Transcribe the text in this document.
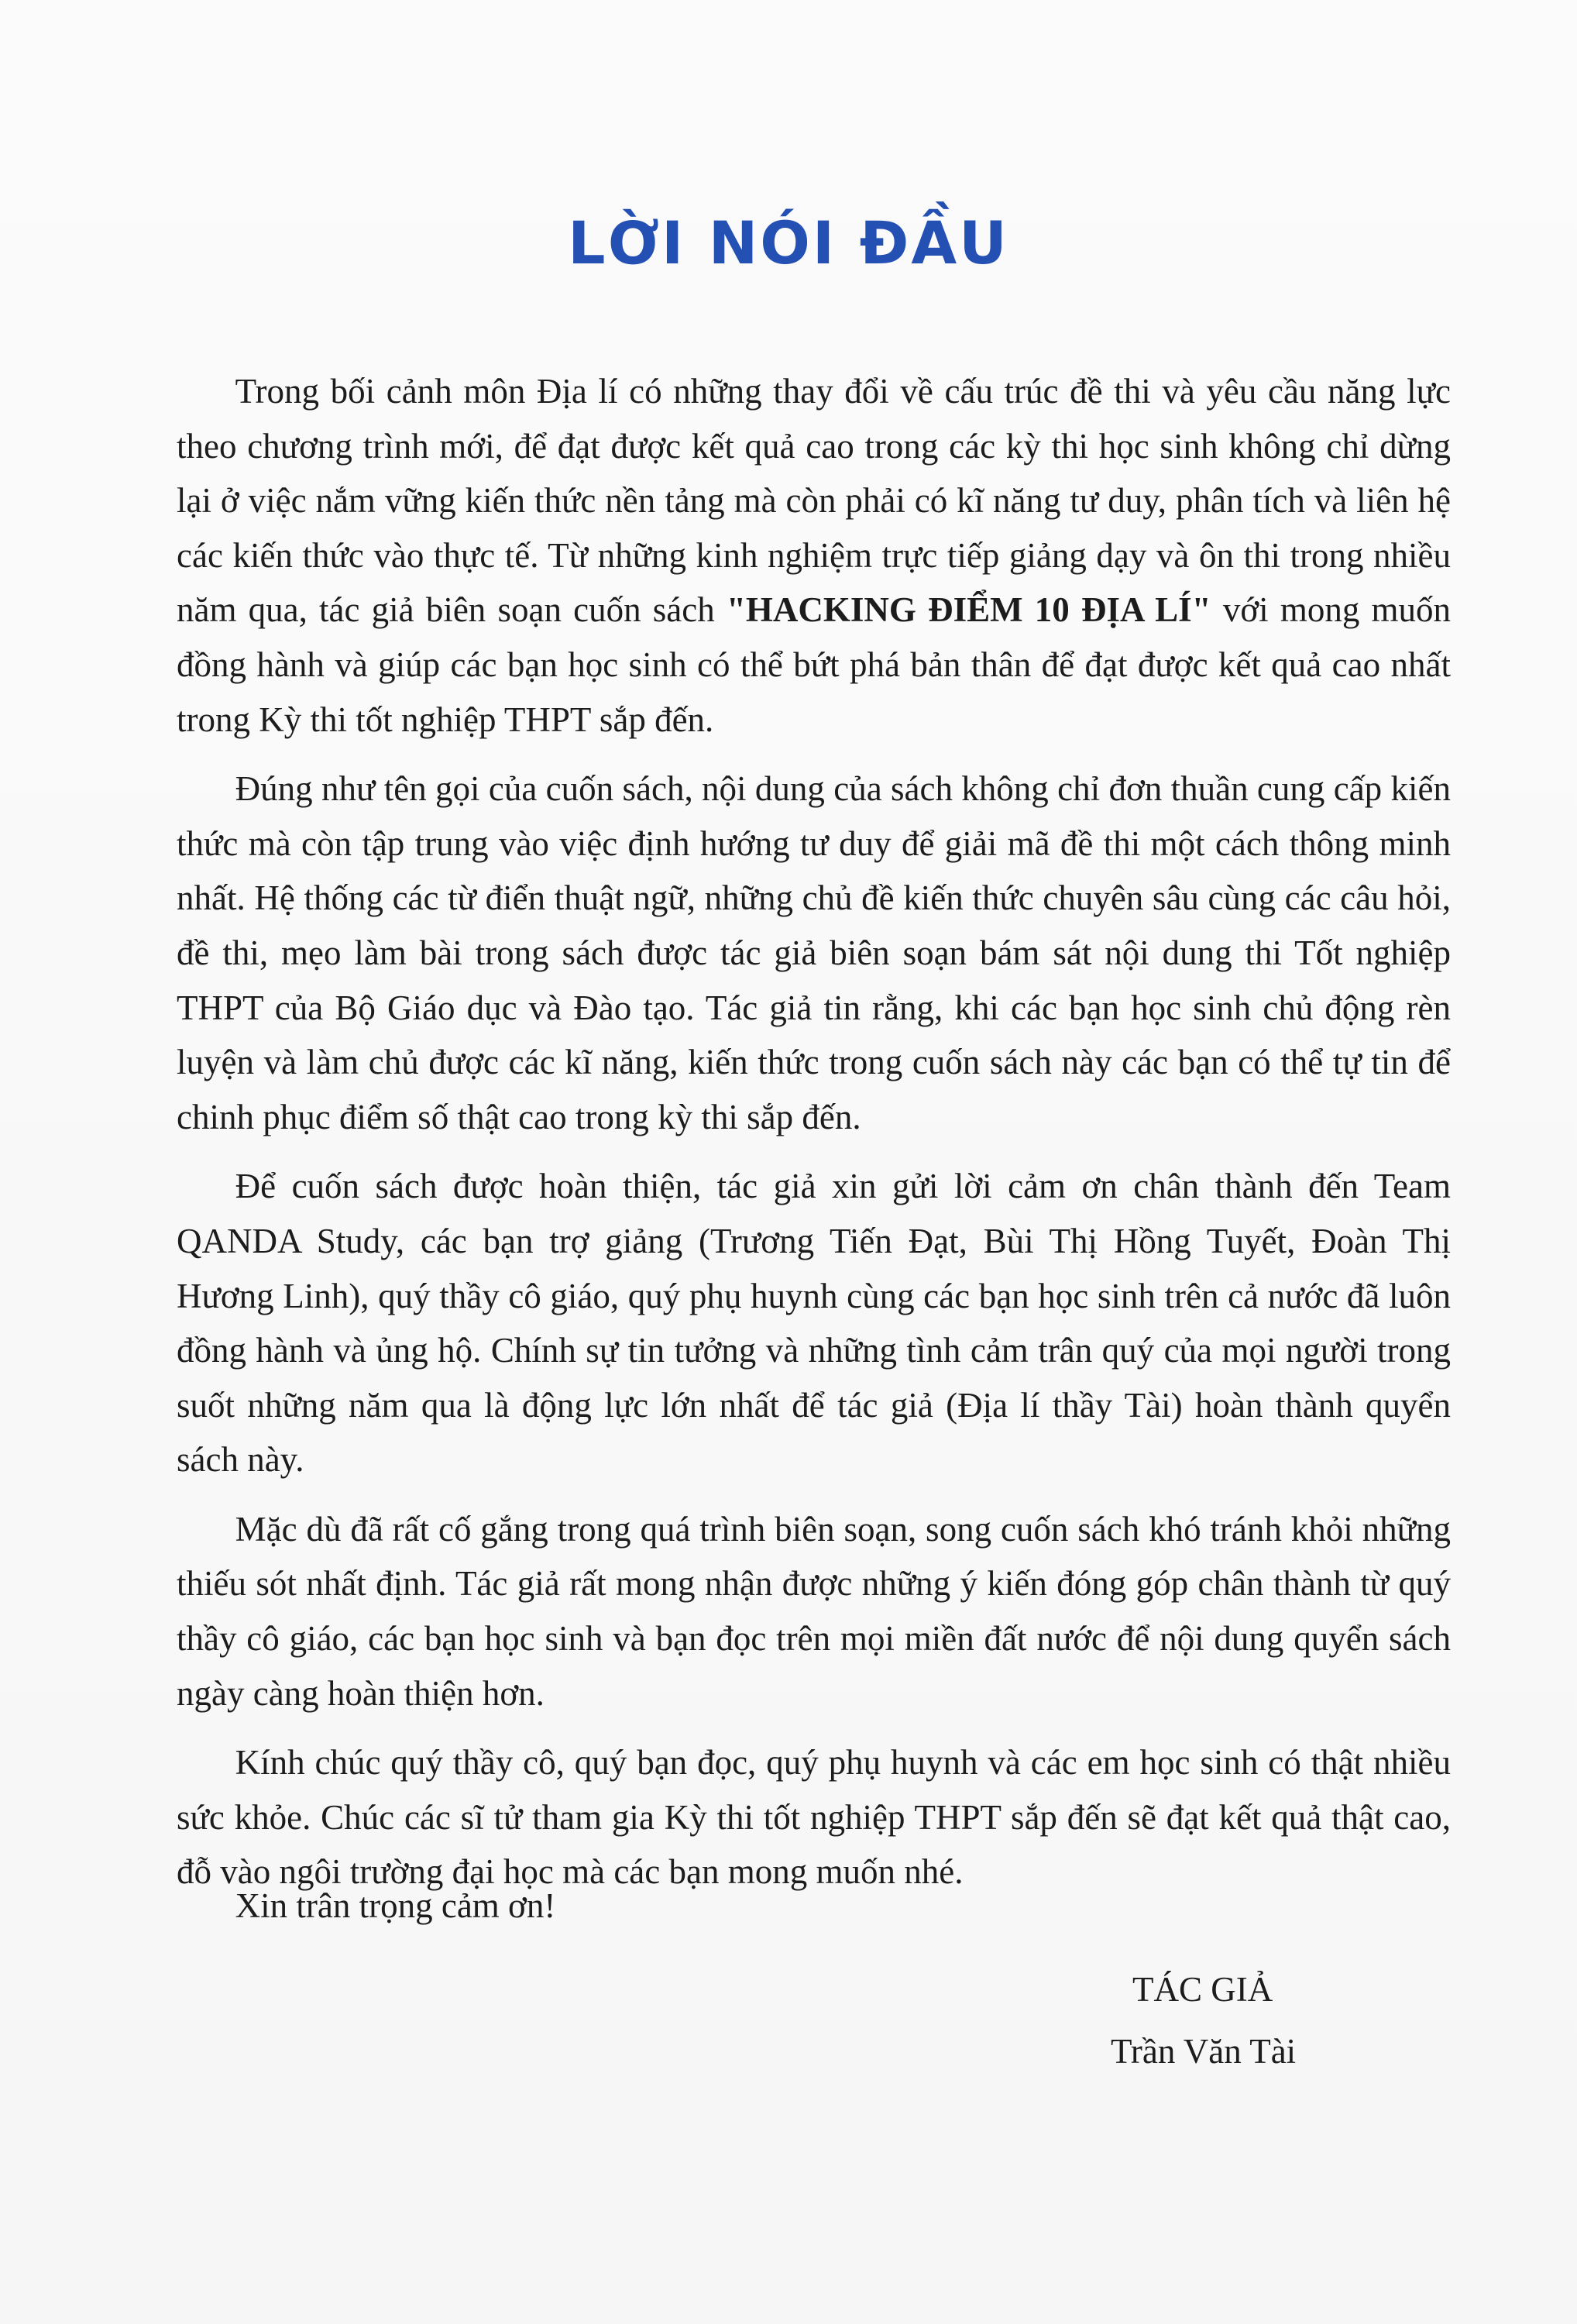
LỜI NÓI ĐẦU

Trong bối cảnh môn Địa lí có những thay đổi về cấu trúc đề thi và yêu cầu năng lực theo chương trình mới, để đạt được kết quả cao trong các kỳ thi học sinh không chỉ dừng lại ở việc nắm vững kiến thức nền tảng mà còn phải có kĩ năng tư duy, phân tích và liên hệ các kiến thức vào thực tế. Từ những kinh nghiệm trực tiếp giảng dạy và ôn thi trong nhiều năm qua, tác giả biên soạn cuốn sách "HACKING ĐIỂM 10 ĐỊA LÍ" với mong muốn đồng hành và giúp các bạn học sinh có thể bứt phá bản thân để đạt được kết quả cao nhất trong Kỳ thi tốt nghiệp THPT sắp đến.

Đúng như tên gọi của cuốn sách, nội dung của sách không chỉ đơn thuần cung cấp kiến thức mà còn tập trung vào việc định hướng tư duy để giải mã đề thi một cách thông minh nhất. Hệ thống các từ điển thuật ngữ, những chủ đề kiến thức chuyên sâu cùng các câu hỏi, đề thi, mẹo làm bài trong sách được tác giả biên soạn bám sát nội dung thi Tốt nghiệp THPT của Bộ Giáo dục và Đào tạo. Tác giả tin rằng, khi các bạn học sinh chủ động rèn luyện và làm chủ được các kĩ năng, kiến thức trong cuốn sách này các bạn có thể tự tin để chinh phục điểm số thật cao trong kỳ thi sắp đến.

Để cuốn sách được hoàn thiện, tác giả xin gửi lời cảm ơn chân thành đến Team QANDA Study, các bạn trợ giảng (Trương Tiến Đạt, Bùi Thị Hồng Tuyết, Đoàn Thị Hương Linh), quý thầy cô giáo, quý phụ huynh cùng các bạn học sinh trên cả nước đã luôn đồng hành và ủng hộ. Chính sự tin tưởng và những tình cảm trân quý của mọi người trong suốt những năm qua là động lực lớn nhất để tác giả (Địa lí thầy Tài) hoàn thành quyển sách này.

Mặc dù đã rất cố gắng trong quá trình biên soạn, song cuốn sách khó tránh khỏi những thiếu sót nhất định. Tác giả rất mong nhận được những ý kiến đóng góp chân thành từ quý thầy cô giáo, các bạn học sinh và bạn đọc trên mọi miền đất nước để nội dung quyển sách ngày càng hoàn thiện hơn.

Kính chúc quý thầy cô, quý bạn đọc, quý phụ huynh và các em học sinh có thật nhiều sức khỏe. Chúc các sĩ tử tham gia Kỳ thi tốt nghiệp THPT sắp đến sẽ đạt kết quả thật cao, đỗ vào ngôi trường đại học mà các bạn mong muốn nhé.

Xin trân trọng cảm ơn!

TÁC GIẢ
Trần Văn Tài
